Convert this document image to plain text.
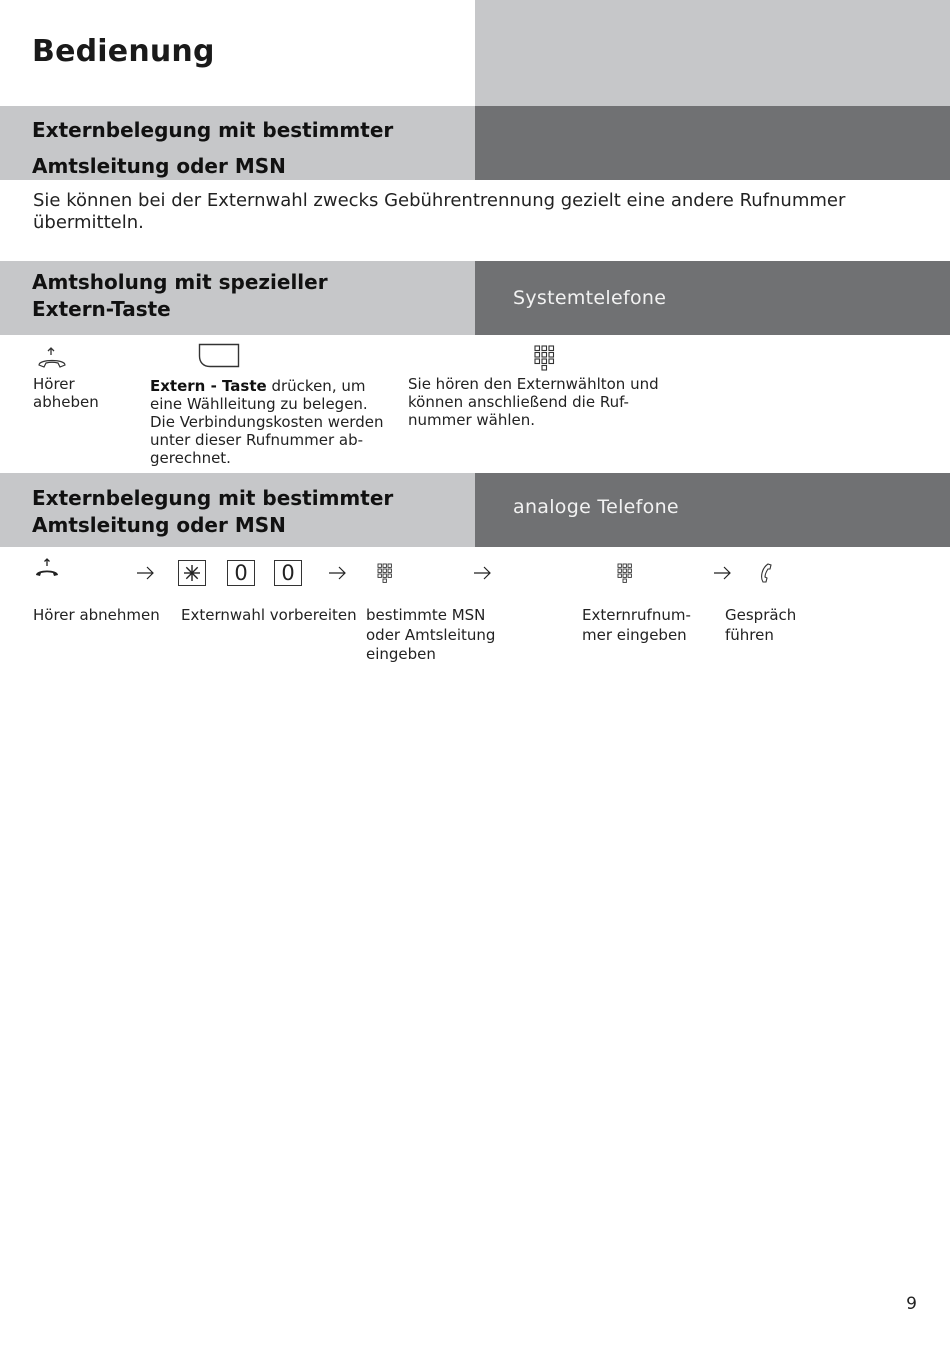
Bedienung
Externbelegung mit bestimmter
Amtsleitung oder MSN
Sie können bei der Externwahl zwecks Gebührentrennung gezielt eine andere Rufnummer übermitteln.
Amtsholung mit spezieller
Extern-Taste	Systemtelefone
Hörer
abheben
Extern - Taste drücken, um
eine Wählleitung zu belegen.
Die Verbindungskosten werden
unter dieser Rufnummer ab-
gerechnet.
Sie hören den Externwählton und
können anschließend die Ruf-
nummer wählen.
Externbelegung mit bestimmter
Amtsleitung oder MSN
analoge Telefone
0	0
Hörer abnehmen Externwahl vorbereiten bestimmte MSN
oder Amtsleitung
eingeben
Externrufnum-
mer eingeben
Gespräch
führen
9
